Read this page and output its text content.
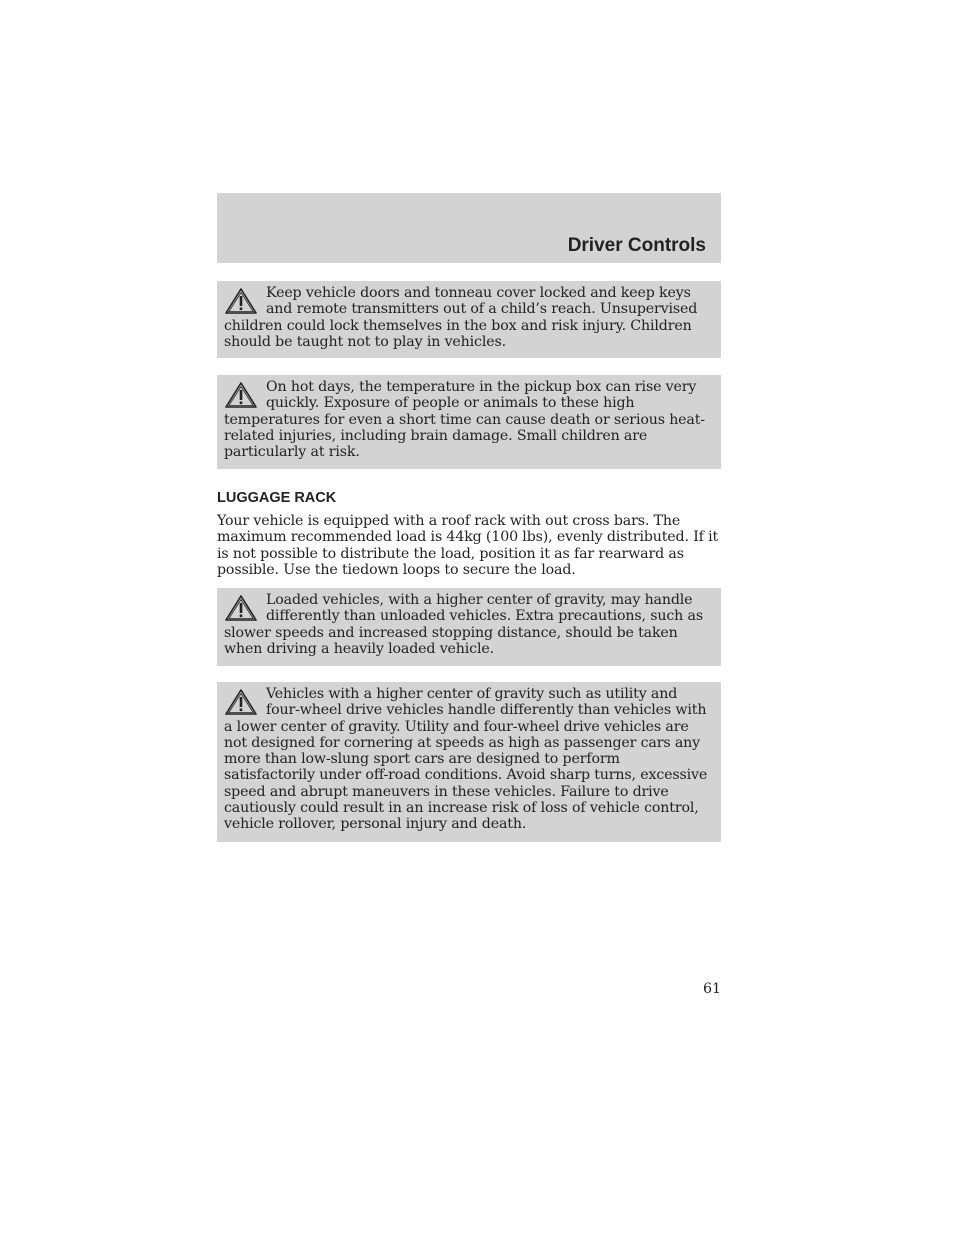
Driver Controls
Keep vehicle doors and tonneau cover locked and keep keys and remote transmitters out of a child’s reach. Unsupervised children could lock themselves in the box and risk injury. Children should be taught not to play in vehicles.
On hot days, the temperature in the pickup box can rise very quickly. Exposure of people or animals to these high temperatures for even a short time can cause death or serious heat-related injuries, including brain damage. Small children are particularly at risk.
LUGGAGE RACK
Your vehicle is equipped with a roof rack with out cross bars. The maximum recommended load is 44kg (100 lbs), evenly distributed. If it is not possible to distribute the load, position it as far rearward as possible. Use the tiedown loops to secure the load.
Loaded vehicles, with a higher center of gravity, may handle differently than unloaded vehicles. Extra precautions, such as slower speeds and increased stopping distance, should be taken when driving a heavily loaded vehicle.
Vehicles with a higher center of gravity such as utility and four-wheel drive vehicles handle differently than vehicles with a lower center of gravity. Utility and four-wheel drive vehicles are not designed for cornering at speeds as high as passenger cars any more than low-slung sport cars are designed to perform satisfactorily under off-road conditions. Avoid sharp turns, excessive speed and abrupt maneuvers in these vehicles. Failure to drive cautiously could result in an increase risk of loss of vehicle control, vehicle rollover, personal injury and death.
61
